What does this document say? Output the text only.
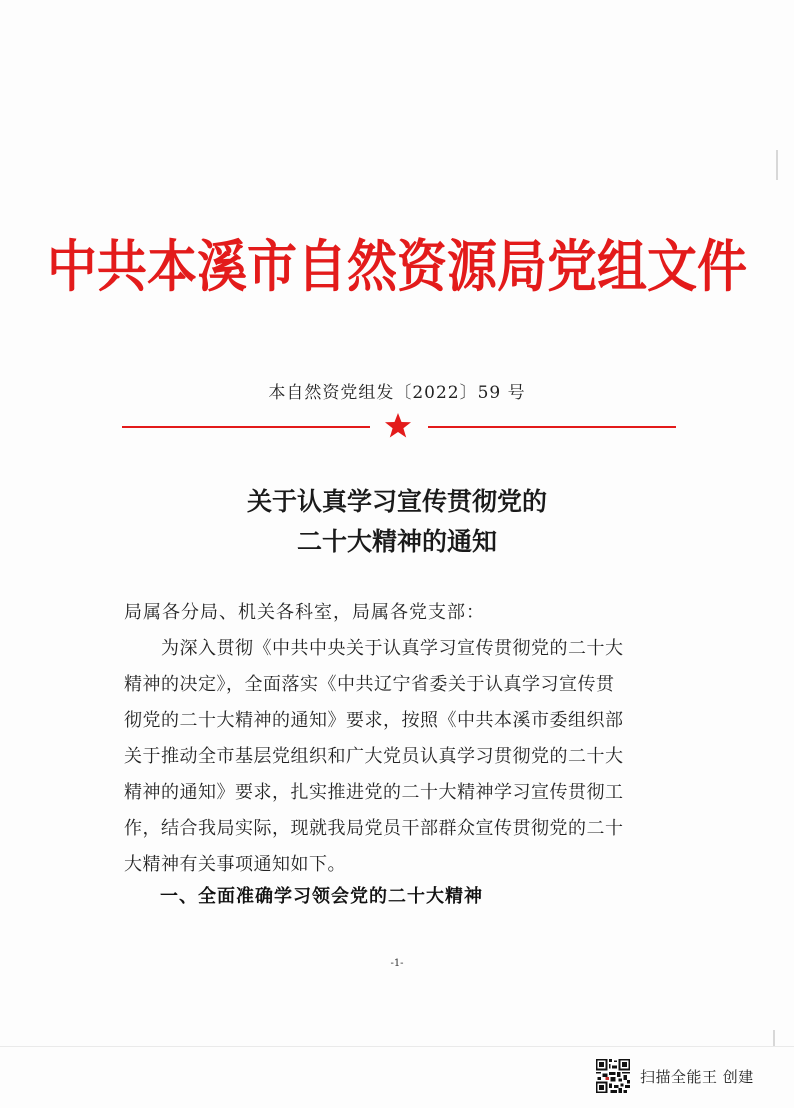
中共本溪市自然资源局党组文件
本自然资党组发〔2022〕59 号
关于认真学习宣传贯彻党的
二十大精神的通知
局属各分局、机关各科室，局属各党支部：
　　为深入贯彻《中共中央关于认真学习宣传贯彻党的二十大
精神的决定》，全面落实《中共辽宁省委关于认真学习宣传贯
彻党的二十大精神的通知》要求，按照《中共本溪市委组织部
关于推动全市基层党组织和广大党员认真学习贯彻党的二十大
精神的通知》要求，扎实推进党的二十大精神学习宣传贯彻工
作，结合我局实际，现就我局党员干部群众宣传贯彻党的二十
大精神有关事项通知如下。
一、全面准确学习领会党的二十大精神
-1-
扫描全能王 创建
